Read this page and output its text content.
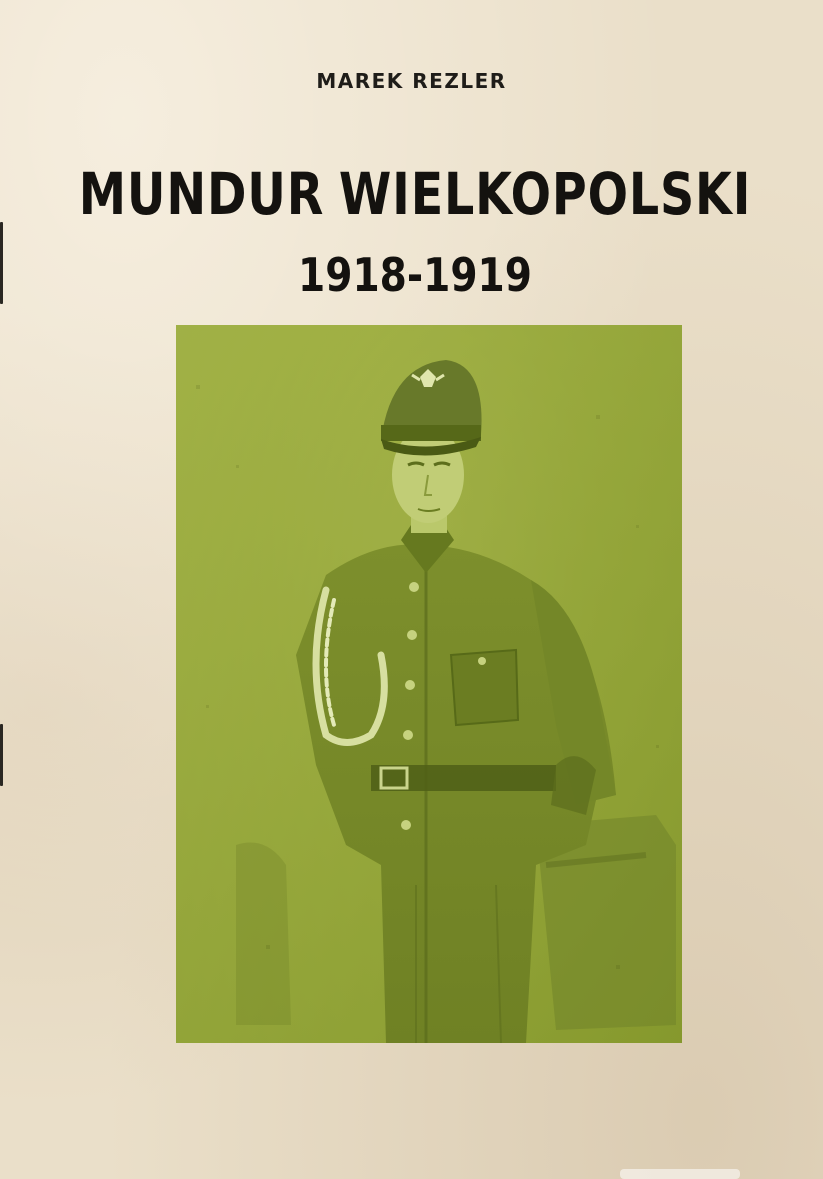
MAREK REZLER
MUNDUR WIELKOPOLSKI
1918-1919
